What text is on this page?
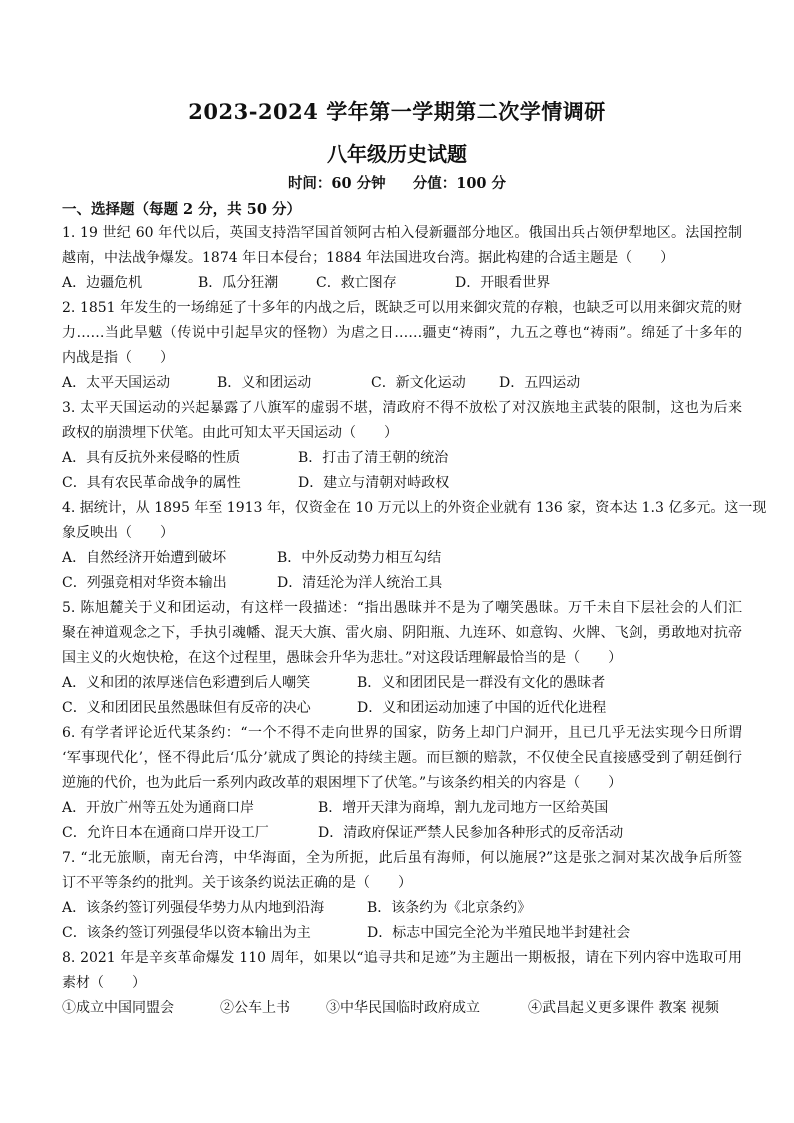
2023-2024 学年第一学期第二次学情调研
八年级历史试题
时间：60 分钟 分值：100 分
一、选择题（每题 2 分，共 50 分）
1. 19 世纪 60 年代以后，英国支持浩罕国首领阿古柏入侵新疆部分地区。俄国出兵占领伊犁地区。法国控制
越南，中法战争爆发。1874 年日本侵台；1884 年法国进攻台湾。据此构建的合适主题是（　　）
A．边疆危机	B．瓜分狂潮	C．救亡图存	D．开眼看世界
2. 1851 年发生的一场绵延了十多年的内战之后，既缺乏可以用来御灾荒的存粮，也缺乏可以用来御灾荒的财
力……当此旱魃（传说中引起旱灾的怪物）为虐之日……疆吏“祷雨”，九五之尊也“祷雨”。绵延了十多年的
内战是指（　　）
A．太平天国运动	B．义和团运动	C．新文化运动 D．五四运动
3. 太平天国运动的兴起暴露了八旗军的虚弱不堪，清政府不得不放松了对汉族地主武装的限制，这也为后来
政权的崩溃埋下伏笔。由此可知太平天国运动（　　）
A．具有反抗外来侵略的性质	B．打击了清王朝的统治
C．具有农民革命战争的属性	D．建立与清朝对峙政权
4. 据统计，从 1895 年至 1913 年，仅资金在 10 万元以上的外资企业就有 136 家，资本达 1.3 亿多元。这一现
象反映出（　　）
A．自然经济开始遭到破坏	B．中外反动势力相互勾结
C．列强竞相对华资本输出	D．清廷沦为洋人统治工具
5. 陈旭麓关于义和团运动，有这样一段描述：“指出愚昧并不是为了嘲笑愚昧。万千未自下层社会的人们汇
聚在神道观念之下，手执引魂幡、混天大旗、雷火扇、阴阳瓶、九连环、如意钩、火牌、飞剑，勇敢地对抗帝
国主义的火炮快枪，在这个过程里，愚昧会升华为悲壮。”对这段话理解最恰当的是（　　）
A．义和团的浓厚迷信色彩遭到后人嘲笑	B．义和团团民是一群没有文化的愚昧者
C．义和团团民虽然愚昧但有反帝的决心	D．义和团运动加速了中国的近代化进程
6. 有学者评论近代某条约：“一个不得不走向世界的国家，防务上却门户洞开，且已几乎无法实现今日所谓
‘军事现代化’，怪不得此后‘瓜分’就成了舆论的持续主题。而巨额的赔款，不仅使全民直接感受到了朝廷倒行
逆施的代价，也为此后一系列内政改革的艰困埋下了伏笔。”与该条约相关的内容是（　　）
A．开放广州等五处为通商口岸	B．增开天津为商埠，割九龙司地方一区给英国
C．允许日本在通商口岸开设工厂	D．清政府保证严禁人民参加各种形式的反帝活动
7. “北无旅顺，南无台湾，中华海面，全为所扼，此后虽有海师，何以施展?”这是张之洞对某次战争后所签
订不平等条约的批判。关于该条约说法正确的是（　　）
A．该条约签订列强侵华势力从内地到沿海	B．该条约为《北京条约》
C．该条约签订列强侵华以资本输出为主	D．标志中国完全沦为半殖民地半封建社会
8. 2021 年是辛亥革命爆发 110 周年，如果以“追寻共和足迹”为主题出一期板报，请在下列内容中选取可用
素材（　　）
①成立中国同盟会	②公车上书	③中华民国临时政府成立	④武昌起义更多课件 教案 视频
